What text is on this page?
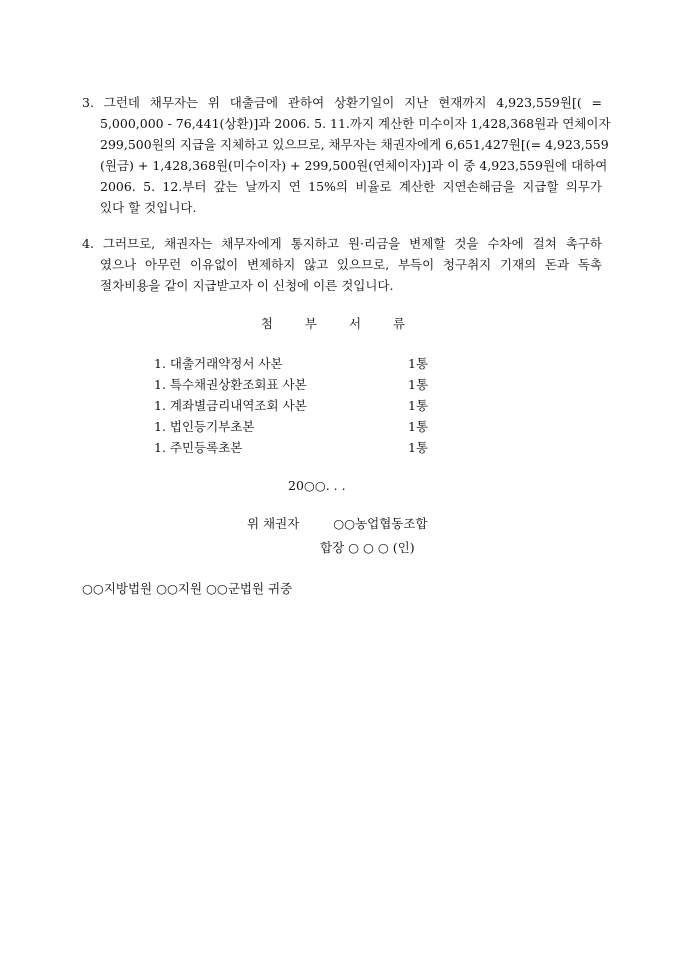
3. 그런데 채무자는 위 대출금에 관하여 상환기일이 지난 현재까지 4,923,559원[( =
5,000,000 - 76,441(상환)]과 2006. 5. 11.까지 계산한 미수이자 1,428,368원과 연체이자
299,500원의 지급을 지체하고 있으므로, 채무자는 채권자에게 6,651,427원[(= 4,923,559
(원금) + 1,428,368원(미수이자) + 299,500원(연체이자)]과 이 중 4,923,559원에 대하여
2006. 5. 12.부터 갚는 날까지 연 15%의 비율로 계산한 지연손해금을 지급할 의무가
있다 할 것입니다.
4. 그러므로, 채권자는 채무자에게 통지하고 원·리금을 변제할 것을 수차에 걸쳐 촉구하
였으나 아무런 이유없이 변제하지 않고 있으므로, 부득이 청구취지 기재의 돈과 독촉
절차비용을 같이 지급받고자 이 신청에 이른 것입니다.
첨 부 서 류
1. 대출거래약정서 사본	1통
1. 특수채권상환조회표 사본	1통
1. 계좌별금리내역조회 사본	1통
1. 법인등기부초본	1통
1. 주민등록초본	1통
20○○. . .
위 채권자	○○농업협동조합
합장 ○ ○ ○ (인)
○○지방법원 ○○지원 ○○군법원 귀중
